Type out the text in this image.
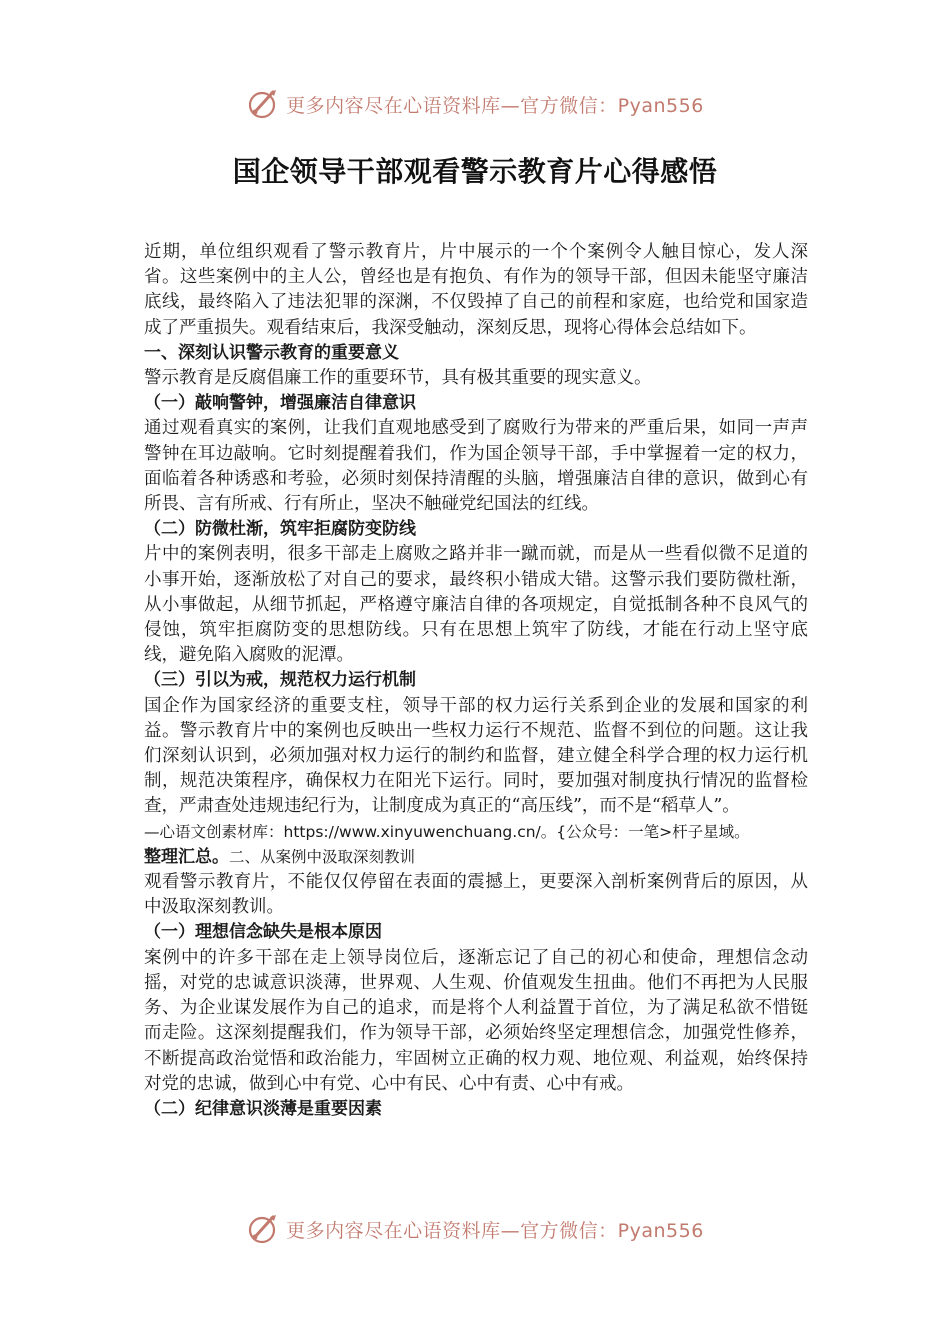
更多内容尽在心语资料库—官方微信：Pyan556
国企领导干部观看警示教育片心得感悟

近期，单位组织观看了警示教育片，片中展示的一个个案例令人触目惊心，发人深省。这些案例中的主人公，曾经也是有抱负、有作为的领导干部，但因未能坚守廉洁底线，最终陷入了违法犯罪的深渊，不仅毁掉了自己的前程和家庭，也给党和国家造成了严重损失。观看结束后，我深受触动，深刻反思，现将心得体会总结如下。

一、深刻认识警示教育的重要意义

警示教育是反腐倡廉工作的重要环节，具有极其重要的现实意义。

（一）敲响警钟，增强廉洁自律意识

通过观看真实的案例，让我们直观地感受到了腐败行为带来的严重后果，如同一声声警钟在耳边敲响。它时刻提醒着我们，作为国企领导干部，手中掌握着一定的权力，面临着各种诱惑和考验，必须时刻保持清醒的头脑，增强廉洁自律的意识，做到心有所畏、言有所戒、行有所止，坚决不触碰党纪国法的红线。

（二）防微杜渐，筑牢拒腐防变防线

片中的案例表明，很多干部走上腐败之路并非一蹴而就，而是从一些看似微不足道的小事开始，逐渐放松了对自己的要求，最终积小错成大错。这警示我们要防微杜渐，从小事做起，从细节抓起，严格遵守廉洁自律的各项规定，自觉抵制各种不良风气的侵蚀，筑牢拒腐防变的思想防线。只有在思想上筑牢了防线，才能在行动上坚守底线，避免陷入腐败的泥潭。

（三）引以为戒，规范权力运行机制

国企作为国家经济的重要支柱，领导干部的权力运行关系到企业的发展和国家的利益。警示教育片中的案例也反映出一些权力运行不规范、监督不到位的问题。这让我们深刻认识到，必须加强对权力运行的制约和监督，建立健全科学合理的权力运行机制，规范决策程序，确保权力在阳光下运行。同时，要加强对制度执行情况的监督检查，严肃查处违规违纪行为，让制度成为真正的“高压线”，而不是“稻草人”。

—心语文创素材库：https://www.xinyuwenchuang.cn/。{公众号：一笔>杆子星域。

整理汇总。二、从案例中汲取深刻教训

观看警示教育片，不能仅仅停留在表面的震撼上，更要深入剖析案例背后的原因，从中汲取深刻教训。

（一）理想信念缺失是根本原因

案例中的许多干部在走上领导岗位后，逐渐忘记了自己的初心和使命，理想信念动摇，对党的忠诚意识淡薄，世界观、人生观、价值观发生扭曲。他们不再把为人民服务、为企业谋发展作为自己的追求，而是将个人利益置于首位，为了满足私欲不惜铤而走险。这深刻提醒我们，作为领导干部，必须始终坚定理想信念，加强党性修养，不断提高政治觉悟和政治能力，牢固树立正确的权力观、地位观、利益观，始终保持对党的忠诚，做到心中有党、心中有民、心中有责、心中有戒。

（二）纪律意识淡薄是重要因素

更多内容尽在心语资料库—官方微信：Pyan556
